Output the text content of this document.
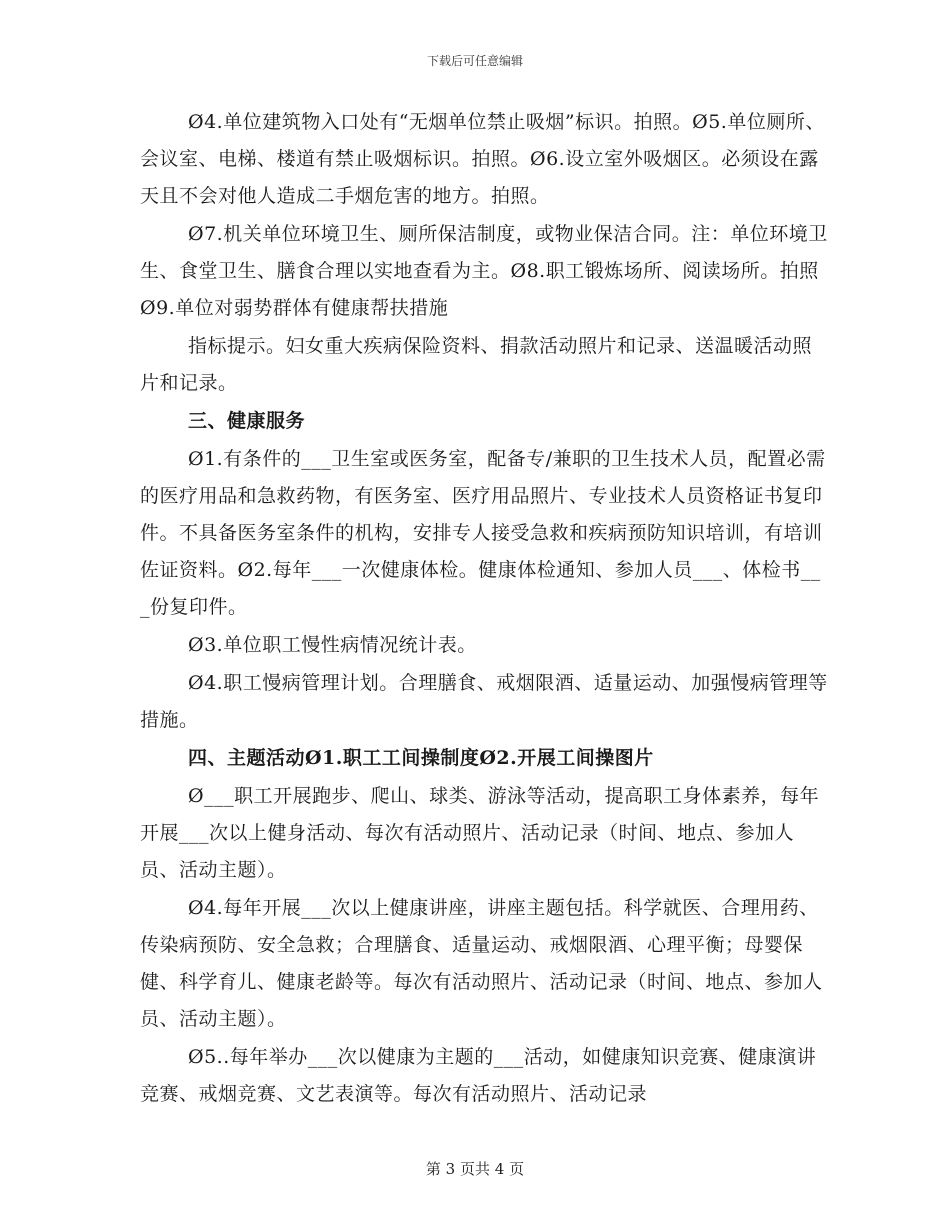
下载后可任意编辑

Ø4.单位建筑物入口处有“无烟单位禁止吸烟”标识。拍照。Ø5.单位厕所、会议室、电梯、楼道有禁止吸烟标识。拍照。Ø6.设立室外吸烟区。必须设在露天且不会对他人造成二手烟危害的地方。拍照。

Ø7.机关单位环境卫生、厕所保洁制度，或物业保洁合同。注：单位环境卫生、食堂卫生、膳食合理以实地查看为主。Ø8.职工锻炼场所、阅读场所。拍照Ø9.单位对弱势群体有健康帮扶措施

指标提示。妇女重大疾病保险资料、捐款活动照片和记录、送温暖活动照片和记录。

三、健康服务

Ø1.有条件的___卫生室或医务室，配备专/兼职的卫生技术人员，配置必需的医疗用品和急救药物，有医务室、医疗用品照片、专业技术人员资格证书复印件。不具备医务室条件的机构，安排专人接受急救和疾病预防知识培训，有培训佐证资料。Ø2.每年___一次健康体检。健康体检通知、参加人员___、体检书___份复印件。

Ø3.单位职工慢性病情况统计表。

Ø4.职工慢病管理计划。合理膳食、戒烟限酒、适量运动、加强慢病管理等措施。

四、主题活动Ø1.职工工间操制度Ø2.开展工间操图片

Ø___职工开展跑步、爬山、球类、游泳等活动，提高职工身体素养，每年开展___次以上健身活动、每次有活动照片、活动记录（时间、地点、参加人员、活动主题）。

Ø4.每年开展___次以上健康讲座，讲座主题包括。科学就医、合理用药、传染病预防、安全急救；合理膳食、适量运动、戒烟限酒、心理平衡；母婴保健、科学育儿、健康老龄等。每次有活动照片、活动记录（时间、地点、参加人员、活动主题）。

Ø5..每年举办___次以健康为主题的___活动，如健康知识竞赛、健康演讲竞赛、戒烟竞赛、文艺表演等。每次有活动照片、活动记录

第 3 页共 4 页
